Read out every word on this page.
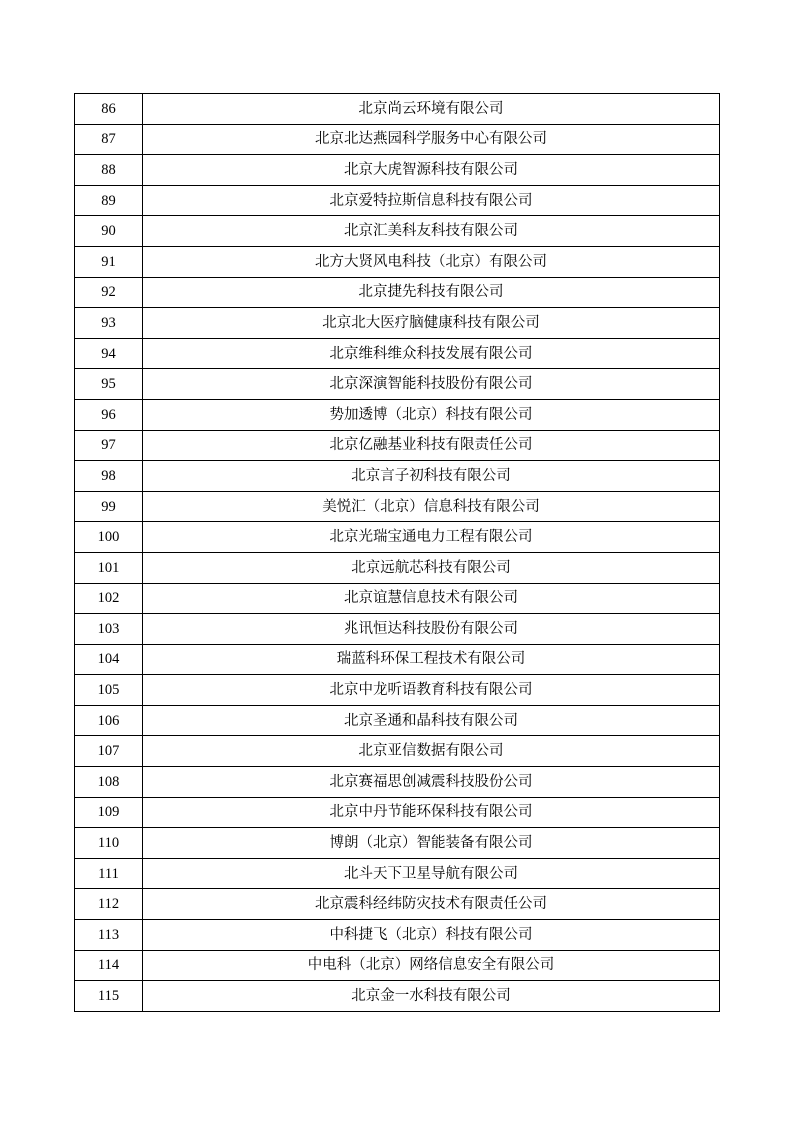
86	北京尚云环境有限公司
87	北京北达燕园科学服务中心有限公司
88	北京大虎智源科技有限公司
89	北京爱特拉斯信息科技有限公司
90	北京汇美科友科技有限公司
91	北方大贤风电科技（北京）有限公司
92	北京捷先科技有限公司
93	北京北大医疗脑健康科技有限公司
94	北京维科维众科技发展有限公司
95	北京深演智能科技股份有限公司
96	势加透博（北京）科技有限公司
97	北京亿融基业科技有限责任公司
98	北京言子初科技有限公司
99	美悦汇（北京）信息科技有限公司
100	北京光瑞宝通电力工程有限公司
101	北京远航芯科技有限公司
102	北京谊慧信息技术有限公司
103	兆讯恒达科技股份有限公司
104	瑞蓝科环保工程技术有限公司
105	北京中龙听语教育科技有限公司
106	北京圣通和晶科技有限公司
107	北京亚信数据有限公司
108	北京赛福思创减震科技股份公司
109	北京中丹节能环保科技有限公司
110	博朗（北京）智能装备有限公司
111	北斗天下卫星导航有限公司
112	北京震科经纬防灾技术有限责任公司
113	中科捷飞（北京）科技有限公司
114	中电科（北京）网络信息安全有限公司
115	北京金一水科技有限公司
